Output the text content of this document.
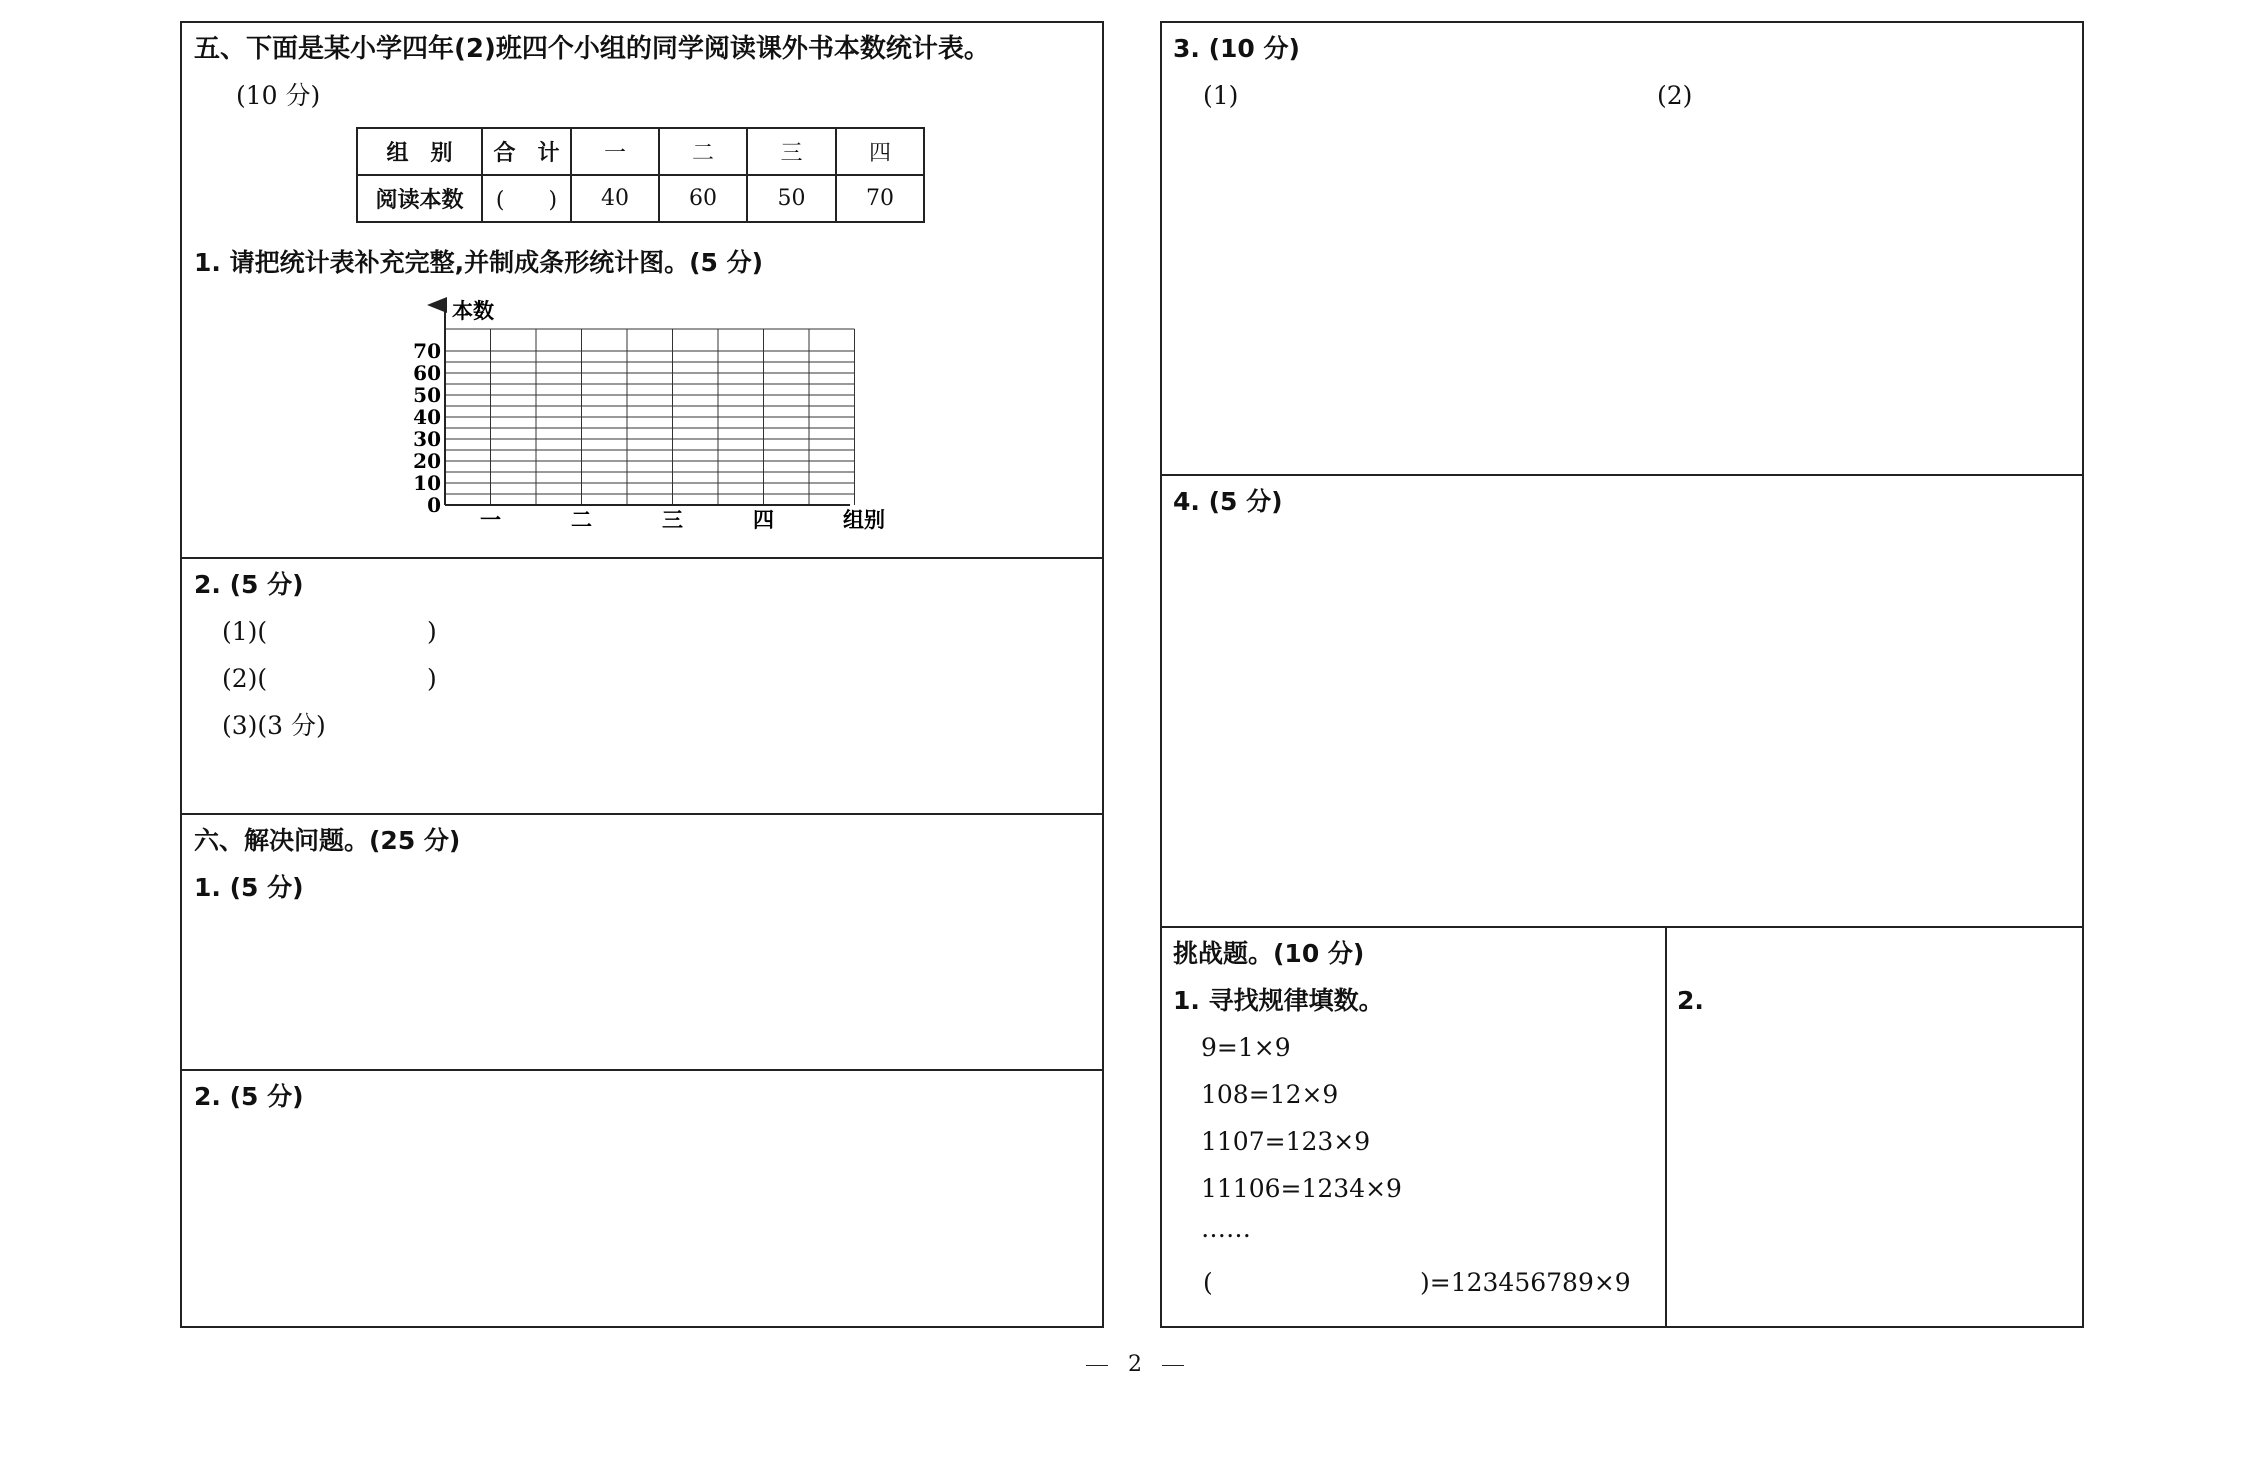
五、下面是某小学四年(2)班四个小组的同学阅读课外书本数统计表。
(10 分)
组　别	合　计	一	二	三	四
阅读本数	(　　)	40	60	50	70
1. 请把统计表补充完整,并制成条形统计图。(5 分)
本数
70
60
50
40
30
20
10
0
一	二	三	四	组别
2. (5 分)
(1)(	)
(2)(	)
(3)(3 分)
六、解决问题。(25 分)
1. (5 分)
2. (5 分)
3. (10 分)
(1)	(2)
4. (5 分)
挑战题。(10 分)
1. 寻找规律填数。
9=1×9
108=12×9
1107=123×9
11106=1234×9
……
(	)=123456789×9
2.
2
